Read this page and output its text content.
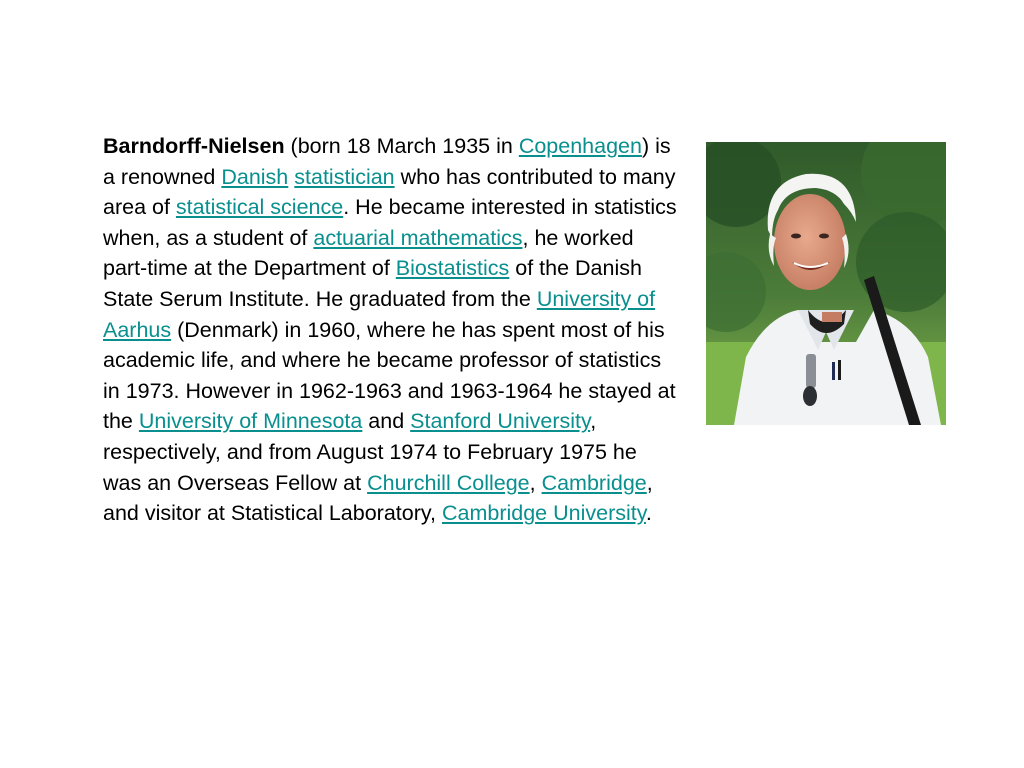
Barndorff-Nielsen (born 18 March 1935 in Copenhagen) is a renowned Danish statistician who has contributed to many area of statistical science. He became interested in statistics when, as a student of actuarial mathematics, he worked part-time at the Department of Biostatistics of the Danish State Serum Institute. He graduated from the University of Aarhus (Denmark) in 1960, where he has spent most of his academic life, and where he became professor of statistics in 1973. However in 1962-1963 and 1963-1964 he stayed at the University of Minnesota and Stanford University, respectively, and from August 1974 to February 1975 he was an Overseas Fellow at Churchill College, Cambridge, and visitor at Statistical Laboratory, Cambridge University.
